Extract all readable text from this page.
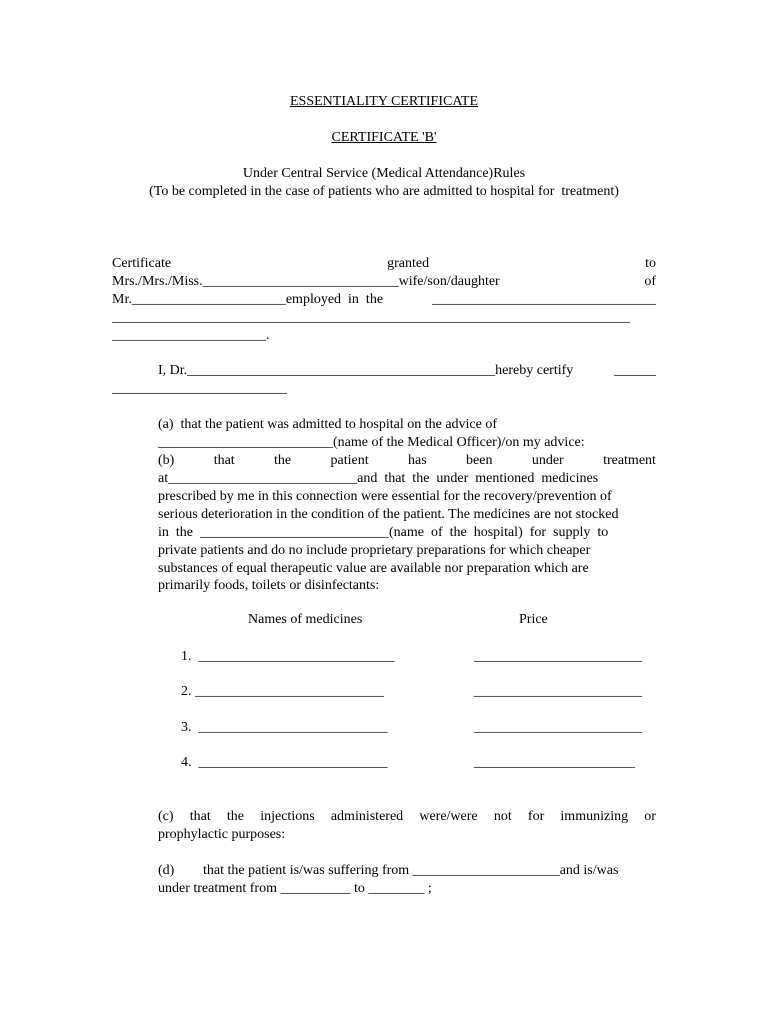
ESSENTIALITY CERTIFICATE
CERTIFICATE 'B'
Under Central Service (Medical Attendance)Rules
(To be completed in the case of patients who are admitted to hospital for  treatment)
Certificate	granted	to
Mrs./Mrs./Miss.____________________________wife/son/daughter	of
Mr.______________________employed  in  the	________________________________
__________________________________________________________________________
______________________.
I, Dr.____________________________________________hereby certify	______
_________________________
(a)  that the patient was admitted to hospital on the advice of
_________________________(name of the Medical Officer)/on my advice:
(b)	that	the	patient	has	been	under	treatment
at___________________________and  that  the  under  mentioned  medicines
prescribed by me in this connection were essential for the recovery/prevention of
serious deterioration in the condition of the patient. The medicines are not stocked
in  the  ___________________________(name  of  the  hospital)  for  supply  to
private patients and do no include proprietary preparations for which cheaper
substances of equal therapeutic value are available nor preparation which are
primarily foods, toilets or disinfectants:
Names of medicines	Price
1.  ____________________________	________________________
2. ___________________________	________________________
3.  ___________________________	________________________
4.  ___________________________	_______________________
(c) that the injections administered were/were not for immunizing or
prophylactic purposes:
(d) that the patient is/was suffering from _____________________and is/was
under treatment from __________ to ________ ;
